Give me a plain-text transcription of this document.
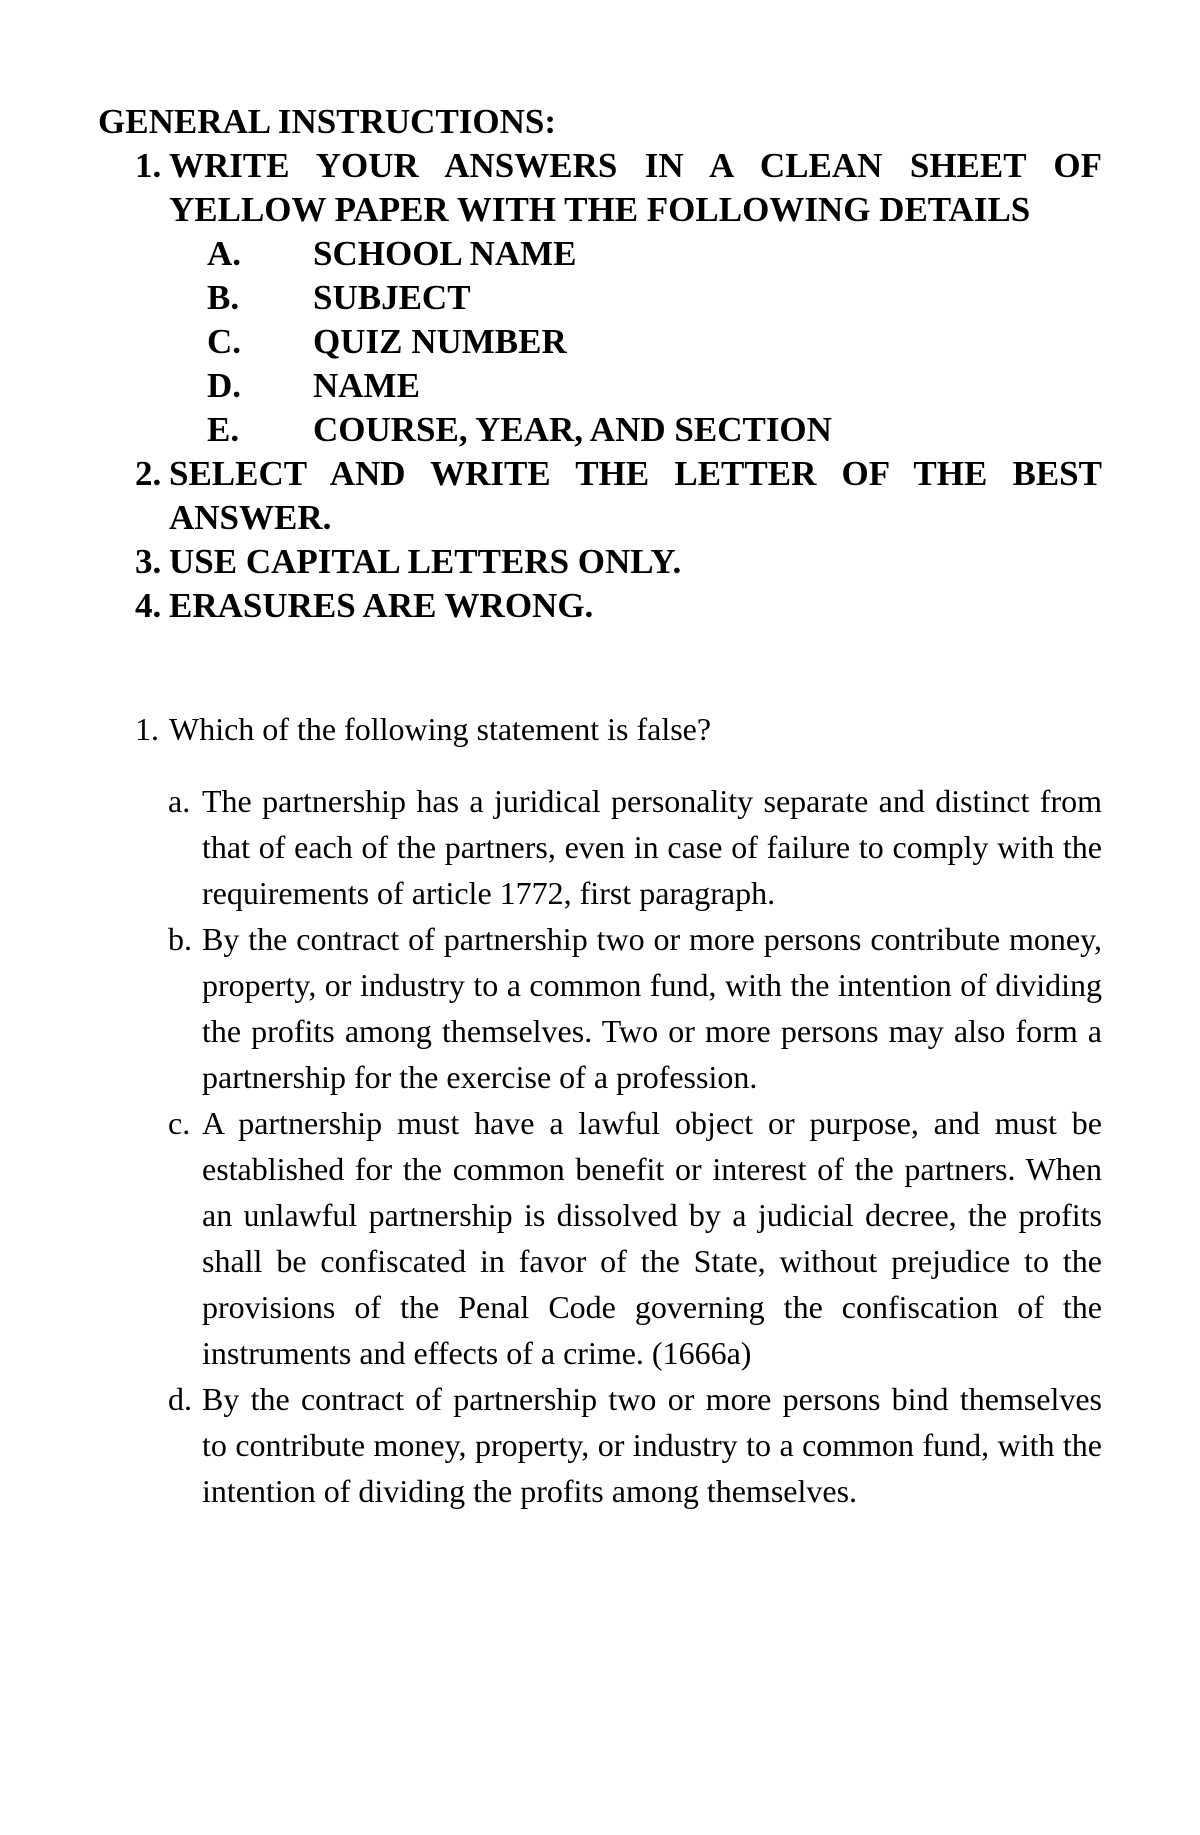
GENERAL INSTRUCTIONS:
1. WRITE YOUR ANSWERS IN A CLEAN SHEET OF YELLOW PAPER WITH THE FOLLOWING DETAILS
A.	SCHOOL NAME
B.	SUBJECT
C.	QUIZ NUMBER
D.	NAME
E.	COURSE, YEAR, AND SECTION
2. SELECT AND WRITE THE LETTER OF THE BEST ANSWER.
3. USE CAPITAL LETTERS ONLY.
4. ERASURES ARE WRONG.
1. Which of the following statement is false?
a. The partnership has a juridical personality separate and distinct from that of each of the partners, even in case of failure to comply with the requirements of article 1772, first paragraph.
b. By the contract of partnership two or more persons contribute money, property, or industry to a common fund, with the intention of dividing the profits among themselves. Two or more persons may also form a partnership for the exercise of a profession.
c. A partnership must have a lawful object or purpose, and must be established for the common benefit or interest of the partners. When an unlawful partnership is dissolved by a judicial decree, the profits shall be confiscated in favor of the State, without prejudice to the provisions of the Penal Code governing the confiscation of the instruments and effects of a crime. (1666a)
d. By the contract of partnership two or more persons bind themselves to contribute money, property, or industry to a common fund, with the intention of dividing the profits among themselves.
